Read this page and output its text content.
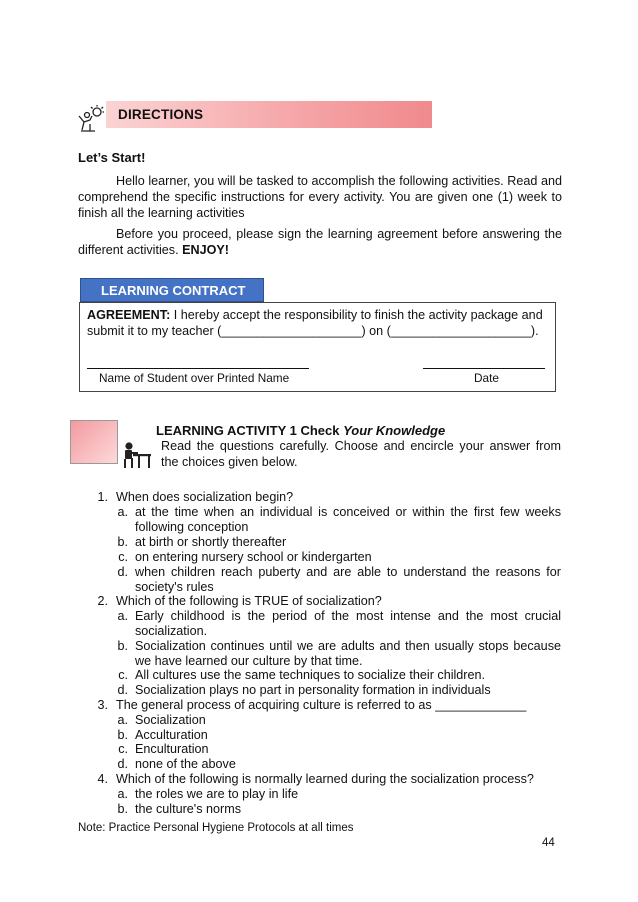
DIRECTIONS
Let’s Start!
Hello learner, you will be tasked to accomplish the following activities. Read and comprehend the specific instructions for every activity. You are given one (1) week to finish all the learning activities
Before you proceed, please sign the learning agreement before answering the different activities. ENJOY!
LEARNING CONTRACT
AGREEMENT: I hereby accept the responsibility to finish the activity package and
submit it to my teacher (____________________) on (____________________).
Name of Student over Printed Name	Date
LEARNING ACTIVITY 1 Check Your Knowledge
Read the questions carefully. Choose and encircle your answer from the choices given below.
1. When does socialization begin?
a. at the time when an individual is conceived or within the first few weeks following conception
b. at birth or shortly thereafter
c. on entering nursery school or kindergarten
d. when children reach puberty and are able to understand the reasons for society's rules
2. Which of the following is TRUE of socialization?
a. Early childhood is the period of the most intense and the most crucial socialization.
b. Socialization continues until we are adults and then usually stops because we have learned our culture by that time.
c. All cultures use the same techniques to socialize their children.
d. Socialization plays no part in personality formation in individuals
3. The general process of acquiring culture is referred to as _____________
a. Socialization
b. Acculturation
c. Enculturation
d. none of the above
4. Which of the following is normally learned during the socialization process?
a. the roles we are to play in life
b. the culture's norms
Note: Practice Personal Hygiene Protocols at all times
44
